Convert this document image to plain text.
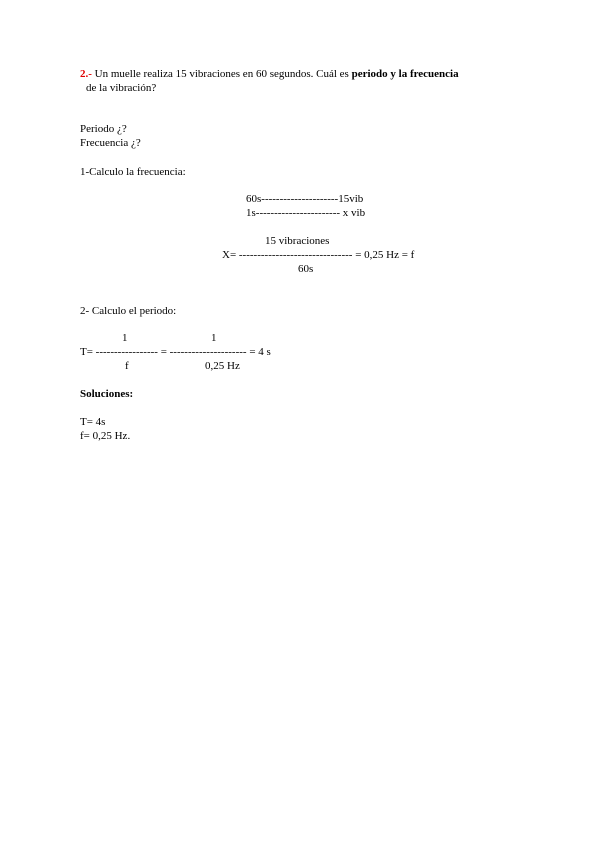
2.- Un muelle realiza 15 vibraciones en 60 segundos. Cuál es periodo y la frecuencia
de la vibración?
Periodo ¿?
Frecuencia ¿?
1-Calculo la frecuencia:
60s---------------------15vib
1s----------------------- x vib
15 vibraciones
X= ------------------------------- = 0,25 Hz = f
60s
2- Calculo el periodo:
1	1
T= ----------------- = --------------------- = 4 s
f	0,25 Hz
Soluciones:
T= 4s
f= 0,25 Hz.
